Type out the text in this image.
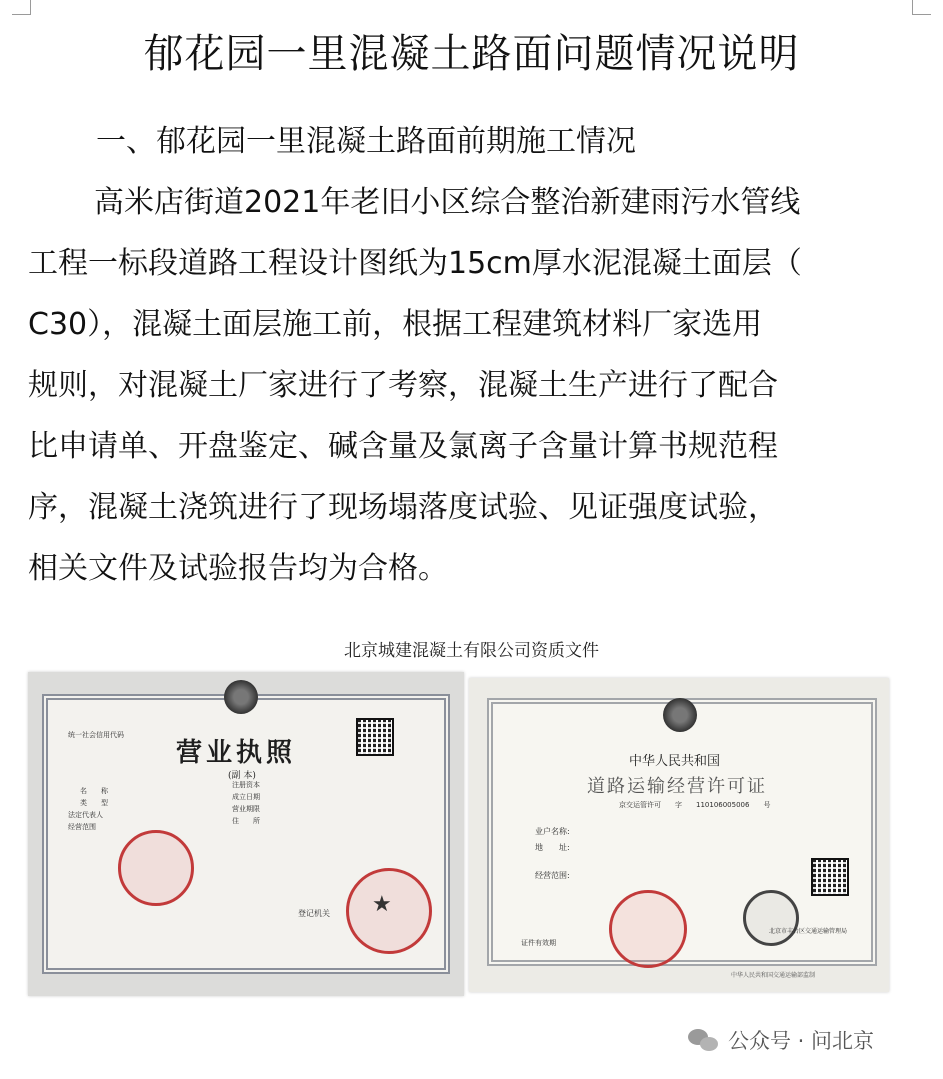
郁花园一里混凝土路面问题情况说明
一、郁花园一里混凝土路面前期施工情况
高米店街道2021年老旧小区综合整治新建雨污水管线
工程一标段道路工程设计图纸为15cm厚水泥混凝土面层（
C30），混凝土面层施工前，根据工程建筑材料厂家选用
规则，对混凝土厂家进行了考察，混凝土生产进行了配合
比申请单、开盘鉴定、碱含量及氯离子含量计算书规范程
序，混凝土浇筑进行了现场塌落度试验、见证强度试验，
相关文件及试验报告均为合格。
北京城建混凝土有限公司资质文件
统一社会信用代码
营业执照
(副 本)
名　　称
类　　型
法定代表人
经营范围
注册资本
成立日期
营业期限
住　　所
登记机关 ★
中华人民共和国
道路运输经营许可证
京交运管许可　　字　　110106005006　　号
业户名称:
地　　址:
经营范围:
北京市丰台区交通运输管理局
证件有效期
中华人民共和国交通运输部监制
公众号 · 问北京
